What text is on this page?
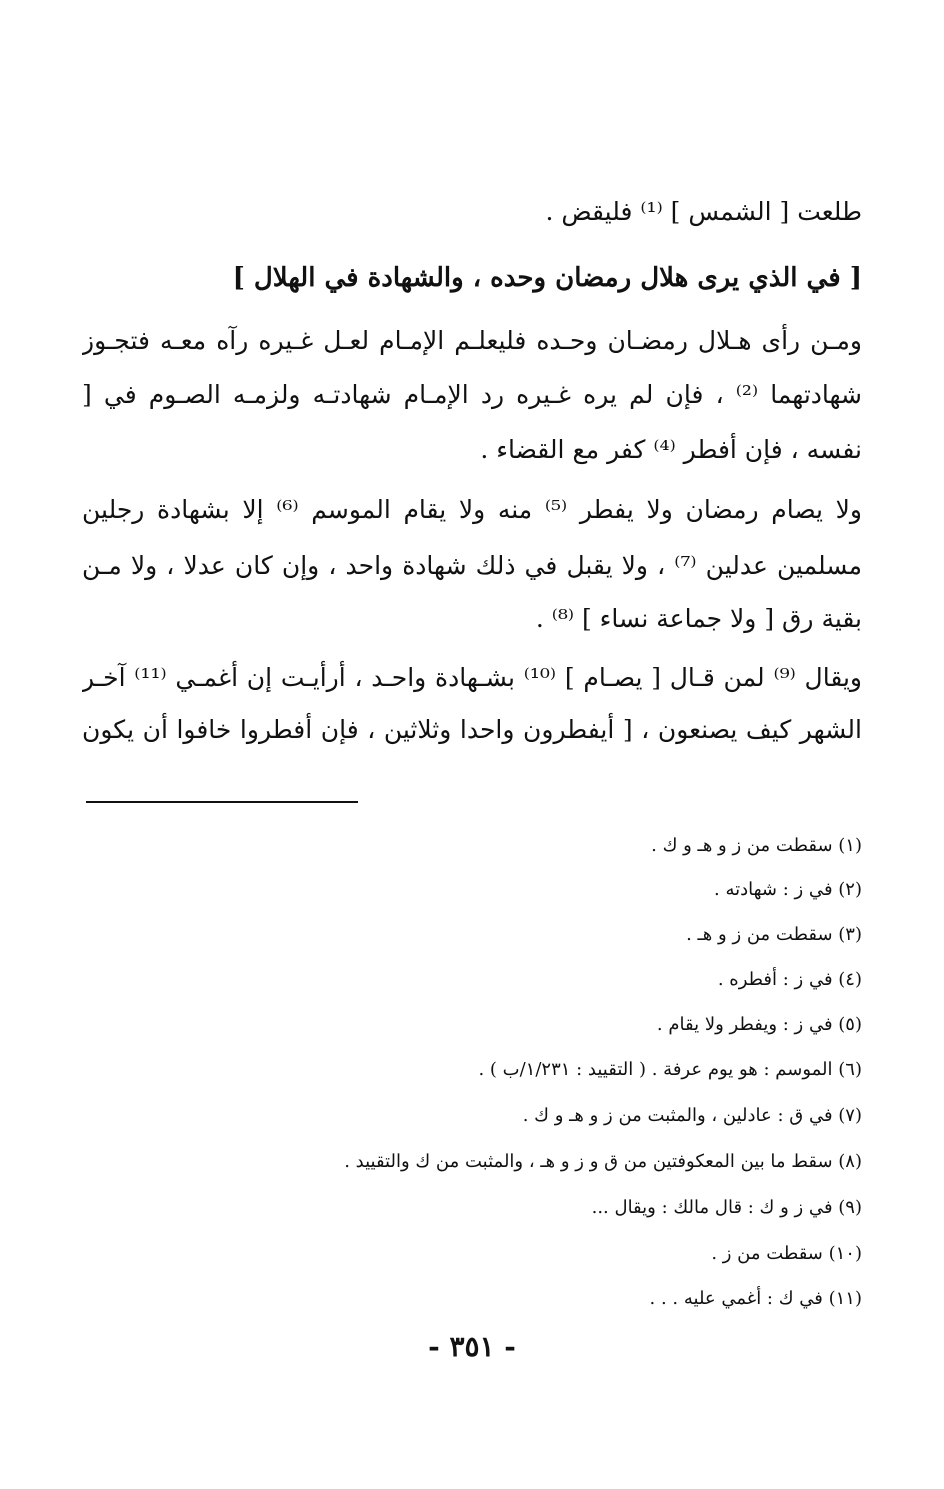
طلعت [ الشمس ] ⁽¹⁾ فليقض .
[ في الذي يرى هلال رمضان وحده ، والشهادة في الهلال ]
ومـن رأى هـلال رمضـان وحـده فليعلـم الإمـام لعـل غـيره رآه معـه فتجـوز
شهادتهما ⁽²⁾ ، فإن لم يره غـيره رد الإمـام شهادتـه ولزمـه الصـوم في [
نفسه ، فإن أفطر ⁽⁴⁾ كفر مع القضاء .
ولا يصام رمضان ولا يفطر ⁽⁵⁾ منه ولا يقام الموسم ⁽⁶⁾ إلا بشهادة رجلين
مسلمين عدلين ⁽⁷⁾ ، ولا يقبل في ذلك شهادة واحد ، وإن كان عدلا ، ولا مـن
بقية رق [ ولا جماعة نساء ] ⁽⁸⁾ .
ويقال ⁽⁹⁾ لمن قـال [ يصـام ] ⁽¹⁰⁾ بشـهادة واحـد ، أرأيـت إن أغمـي ⁽¹¹⁾ آخـر
الشهر كيف يصنعون ، [ أيفطرون واحدا وثلاثين ، فإن أفطروا خافوا أن يكون
(١) سقطت من ز و هـ و ك .
(٢) في ز : شهادته .
(٣) سقطت من ز و هـ .
(٤) في ز : أفطره .
(٥) في ز : ويفطر ولا يقام .
(٦) الموسم : هو يوم عرفة . ( التقييد : ١/٢٣١/ب ) .
(٧) في ق : عادلين ، والمثبت من ز و هـ و ك .
(٨) سقط ما بين المعكوفتين من ق و ز و هـ ، والمثبت من ك والتقييد .
(٩) في ز و ك : قال مالك : ويقال ...
(١٠) سقطت من ز .
(١١) في ك : أغمي عليه . . .
- ٣٥١ -
